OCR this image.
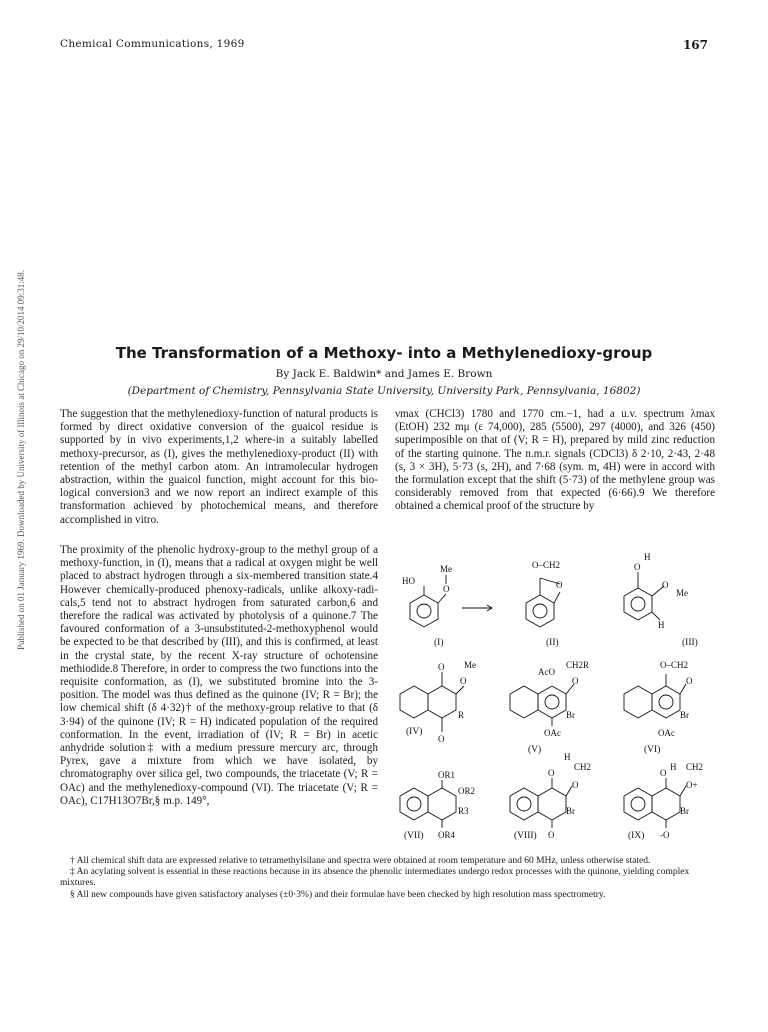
Chemical Communications, 1969	167
Published on 01 January 1969. Downloaded by University of Illinois at Chicago on 29/10/2014 09:31:48.	The Transformation of a Methoxy- into a Methylenedioxy-group
By Jack E. Baldwin* and James E. Brown
(Department of Chemistry, Pennsylvania State University, University Park, Pennsylvania, 16802)

The suggestion that the methylenedioxy-function of natural products is formed by direct oxidative conversion of the guaicol residue is supported by in vivo experiments,1,2 where-in a suitably labelled methoxy-precursor, as (I), gives the methylenedioxy-product (II) with retention of the methyl carbon atom. An intramolecular hydrogen abstraction, within the guaicol function, might account for this bio-logical conversion3 and we now report an indirect example of this transformation achieved by photochemical means, and therefore accomplished in vitro.

The proximity of the phenolic hydroxy-group to the methyl group of a methoxy-function, in (I), means that a radical at oxygen might be well placed to abstract hydrogen through a six-membered transition state.4 However chemically-produced phenoxy-radicals, unlike alkoxy-radi-cals,5 tend not to abstract hydrogen from saturated carbon,6 and therefore the radical was activated by photolysis of a quinone.7 The favoured conformation of a 3-unsubstituted-2-methoxyphenol would be expected to be that described by (III), and this is confirmed, at least in the crystal state, by the recent X-ray structure of ochotensine methiodide.8 Therefore, in order to compress the two functions into the requisite conformation, as (I), we substituted bromine into the 3-position. The model was thus defined as the quinone (IV; R = Br); the low chemical shift (δ 4·32)† of the methoxy-group relative to that (δ 3·94) of the quinone (IV; R = H) indicated population of the required conformation. In the event, irradiation of (IV; R = Br) in acetic anhydride solution‡ with a medium pressure mercury arc, through Pyrex, gave a mixture from which we have isolated, by chromatography over silica gel, two compounds, the triacetate (V; R = OAc) and the methylenedioxy-compound (VI). The triacetate (V; R = OAc), C17H13O7Br,§ m.p. 149°,

νmax (CHCl3) 1780 and 1770 cm.−1, had a u.v. spectrum λmax (EtOH) 232 mμ (ε 74,000), 285 (5500), 297 (4000), and 326 (450) superimposible on that of (V; R = H), prepared by mild zinc reduction of the starting quinone. The n.m.r. signals (CDCl3) δ 2·10, 2·43, 2·48 (s, 3 × 3H), 5·73 (s, 2H), and 7·68 (sym. m, 4H) were in accord with the formulation except that the shift (5·73) of the methylene group was considerably removed from that expected (6·66).9 We therefore obtained a chemical proof of the structure by

HO
O
Me
(I)
O–CH2
O
(II)
O
H
O
Me
H
(III)
O Me
O
R
O
(IV)
AcO
CH2R
O
Br
OAc
(V)
O–CH2
O
Br
OAc
(VI)
OR1
OR2
R3
OR4
(VII)
O
H
CH2
O
Br
O
(VIII)
O
H CH2
O+
Br
-O
(IX)

† All chemical shift data are expressed relative to tetramethylsilane and spectra were obtained at room temperature and 60 MHz, unless otherwise stated.

‡ An acylating solvent is essential in these reactions because in its absence the phenolic intermediates undergo redox processes with the quinone, yielding complex mixtures.

§ All new compounds have given satisfactory analyses (±0·3%) and their formulae have been checked by high resolution mass spectrometry.
